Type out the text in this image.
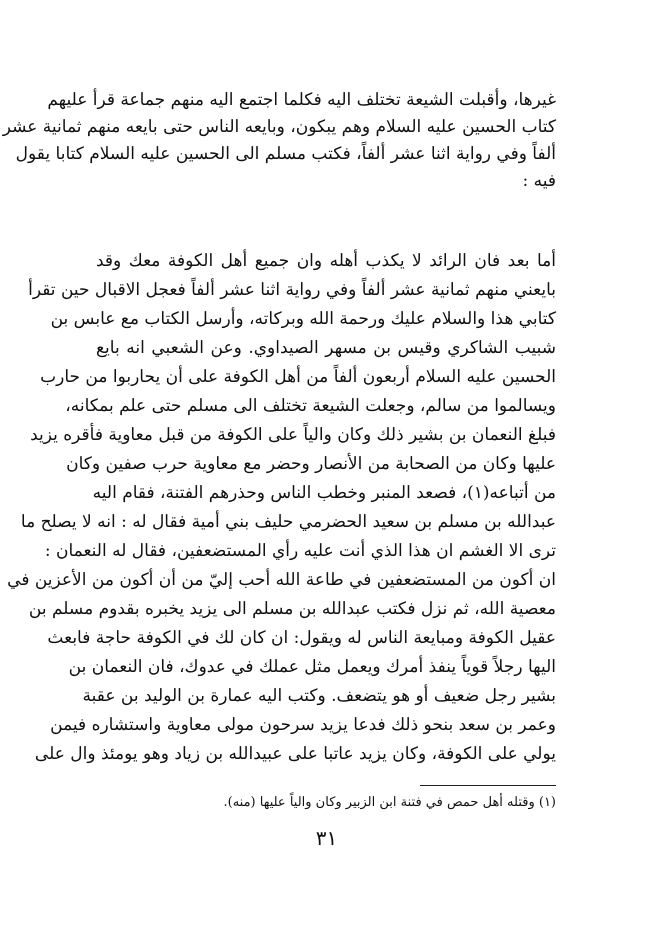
غيرها، وأقبلت الشيعة تختلف اليه فكلما اجتمع اليه منهم جماعة قرأ عليهم
كتاب الحسين عليه السلام وهم يبكون، وبايعه الناس حتى بايعه منهم ثمانية عشر
ألفاً وفي رواية اثنا عشر ألفاً، فكتب مسلم الى الحسين عليه السلام كتابا يقول
فيه :
أما بعد فان الرائد لا يكذب أهله وان جميع أهل الكوفة معك وقد
بايعني منهم ثمانية عشر ألفاً وفي رواية اثنا عشر ألفاً فعجل الاقبال حين تقرأ
كتابي هذا والسلام عليك ورحمة الله وبركاته، وأرسل الكتاب مع عابس بن
شبيب الشاكري وقيس بن مسهر الصيداوي. وعن الشعبي انه بايع
الحسين عليه السلام أربعون ألفاً من أهل الكوفة على أن يحاربوا من حارب
ويسالموا من سالم، وجعلت الشيعة تختلف الى مسلم حتى علم بمكانه،
فبلغ النعمان بن بشير ذلك وكان والياً على الكوفة من قبل معاوية فأقره يزيد
عليها وكان من الصحابة من الأنصار وحضر مع معاوية حرب صفين وكان
من أتباعه(١)، فصعد المنبر وخطب الناس وحذرهم الفتنة، فقام اليه
عبدالله بن مسلم بن سعيد الحضرمي حليف بني أمية فقال له : انه لا يصلح ما
ترى الا الغشم ان هذا الذي أنت عليه رأي المستضعفين، فقال له النعمان :
ان أكون من المستضعفين في طاعة الله أحب إليّ من أن أكون من الأعزين في
معصية الله، ثم نزل فكتب عبدالله بن مسلم الى يزيد يخبره بقدوم مسلم بن
عقيل الكوفة ومبايعة الناس له ويقول: ان كان لك في الكوفة حاجة فابعث
اليها رجلاً قوياً ينفذ أمرك ويعمل مثل عملك في عدوك، فان النعمان بن
بشير رجل ضعيف أو هو يتضعف. وكتب اليه عمارة بن الوليد بن عقبة
وعمر بن سعد بنحو ذلك فدعا يزيد سرحون مولى معاوية واستشاره فيمن
يولي على الكوفة، وكان يزيد عاتبا على عبيدالله بن زياد وهو يومئذ وال على
(١) وقتله أهل حمص في فتنة ابن الزبير وكان والياً عليها (منه).
٣١
